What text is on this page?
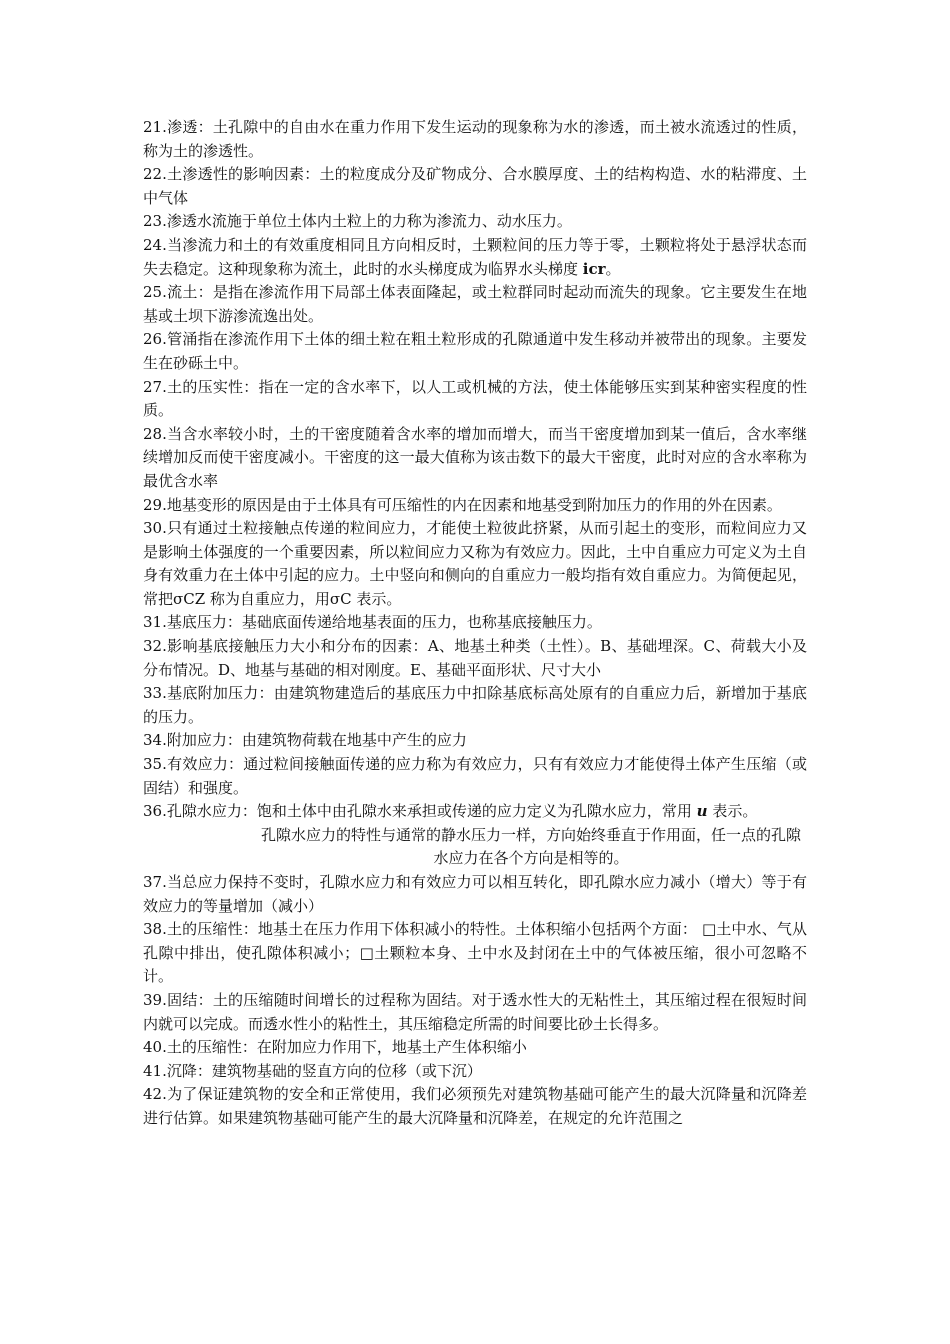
21.渗透：土孔隙中的自由水在重力作用下发生运动的现象称为水的渗透，而土被水流透过的性质，称为土的渗透性。

22.土渗透性的影响因素：土的粒度成分及矿物成分、合水膜厚度、土的结构构造、水的粘滞度、土中气体

23.渗透水流施于单位土体内土粒上的力称为渗流力、动水压力。

24.当渗流力和土的有效重度相同且方向相反时，土颗粒间的压力等于零，土颗粒将处于悬浮状态而失去稳定。这种现象称为流土，此时的水头梯度成为临界水头梯度 icr。

25.流土：是指在渗流作用下局部土体表面隆起，或土粒群同时起动而流失的现象。它主要发生在地基或土坝下游渗流逸出处。

26.管涌指在渗流作用下土体的细土粒在粗土粒形成的孔隙通道中发生移动并被带出的现象。主要发生在砂砾土中。

27.土的压实性：指在一定的含水率下，以人工或机械的方法，使土体能够压实到某种密实程度的性质。

28.当含水率较小时，土的干密度随着含水率的增加而增大，而当干密度增加到某一值后，含水率继续增加反而使干密度减小。干密度的这一最大值称为该击数下的最大干密度，此时对应的含水率称为最优含水率

29.地基变形的原因是由于土体具有可压缩性的内在因素和地基受到附加压力的作用的外在因素。

30.只有通过土粒接触点传递的粒间应力，才能使土粒彼此挤紧，从而引起土的变形，而粒间应力又是影响土体强度的一个重要因素，所以粒间应力又称为有效应力。因此，土中自重应力可定义为土自身有效重力在土体中引起的应力。土中竖向和侧向的自重应力一般均指有效自重应力。为简便起见，常把σCZ 称为自重应力，用σC 表示。

31.基底压力：基础底面传递给地基表面的压力，也称基底接触压力。

32.影响基底接触压力大小和分布的因素：A、地基土种类（土性）。B、基础埋深。C、荷载大小及分布情况。D、地基与基础的相对刚度。E、基础平面形状、尺寸大小

33.基底附加压力：由建筑物建造后的基底压力中扣除基底标高处原有的自重应力后，新增加于基底的压力。

34.附加应力：由建筑物荷载在地基中产生的应力

35.有效应力：通过粒间接触面传递的应力称为有效应力，只有有效应力才能使得土体产生压缩（或固结）和强度。

36.孔隙水应力：饱和土体中由孔隙水来承担或传递的应力定义为孔隙水应力，常用 u 表示。

孔隙水应力的特性与通常的静水压力一样，方向始终垂直于作用面，任一点的孔隙水应力在各个方向是相等的。

37.当总应力保持不变时，孔隙水应力和有效应力可以相互转化，即孔隙水应力减小（增大）等于有效应力的等量增加（减小）

38.土的压缩性：地基土在压力作用下体积减小的特性。土体积缩小包括两个方面： □土中水、气从孔隙中排出，使孔隙体积减小；□土颗粒本身、土中水及封闭在土中的气体被压缩，很小可忽略不计。

39.固结：土的压缩随时间增长的过程称为固结。对于透水性大的无粘性土，其压缩过程在很短时间内就可以完成。而透水性小的粘性土，其压缩稳定所需的时间要比砂土长得多。

40.土的压缩性：在附加应力作用下，地基土产生体积缩小

41.沉降：建筑物基础的竖直方向的位移（或下沉）

42.为了保证建筑物的安全和正常使用，我们必须预先对建筑物基础可能产生的最大沉降量和沉降差进行估算。如果建筑物基础可能产生的最大沉降量和沉降差，在规定的允许范围之
